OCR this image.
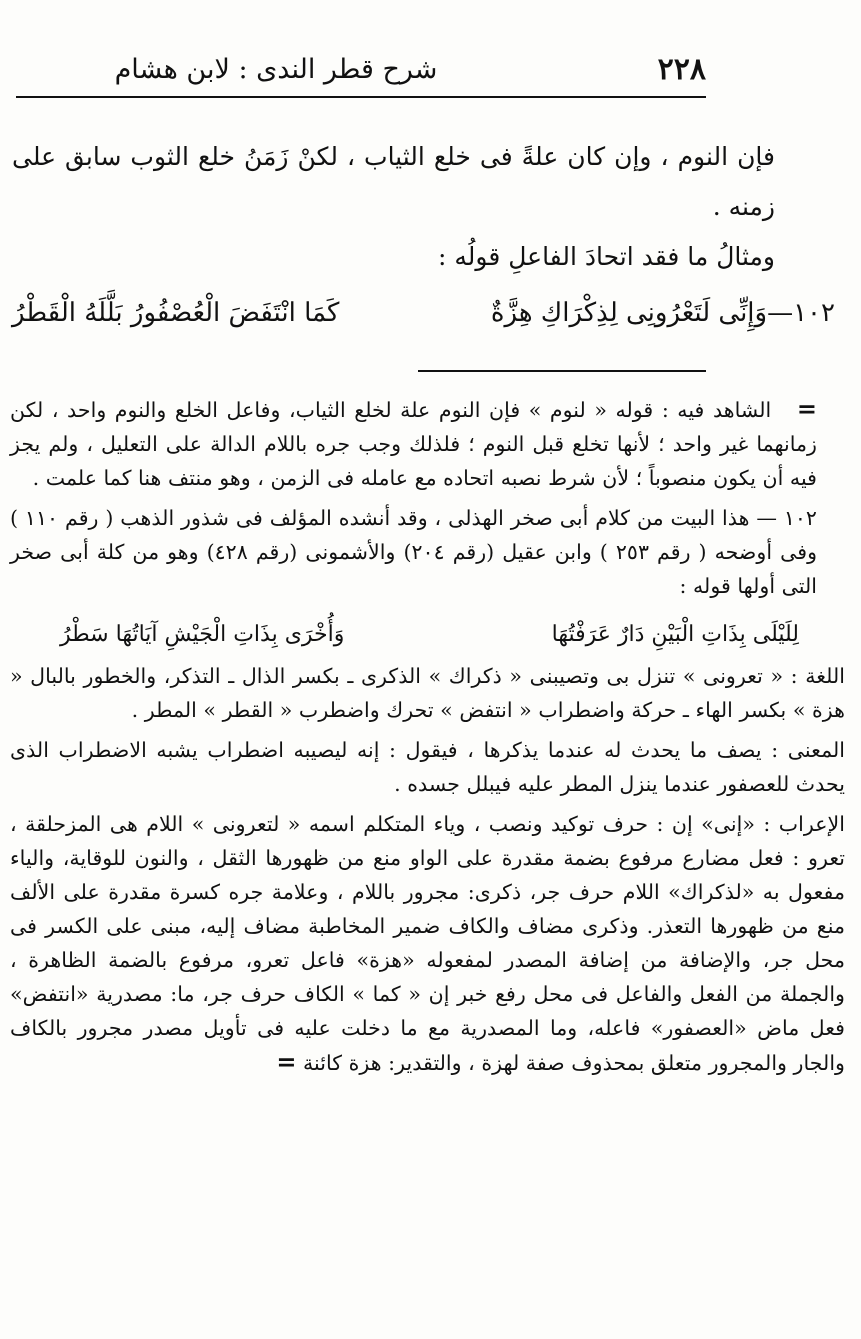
٢٢٨
شرح قطر الندى : لابن هشام

فإن النوم ، وإن كان علةً فى خلع الثياب ، لكنْ زَمَنُ خلع الثوب سابق على زمنه .

ومثالُ ما فقد اتحادَ الفاعلِ قولُه :

١٠٢—وَإِنِّى لَتَعْرُونِى لِذِكْرَاكِ هِزَّةٌ
كَمَا انْتَفَضَ الْعُصْفُورُ بَلَّلَهُ الْقَطْرُ

=   الشاهد فيه : قوله « لنوم » فإن النوم علة لخلع الثياب، وفاعل الخلع والنوم واحد ، لكن زمانهما غير واحد ؛ لأنها تخلع قبل النوم ؛ فلذلك وجب جره باللام الدالة على التعليل ، ولم يجز فيه أن يكون منصوباً ؛ لأن شرط نصبه اتحاده مع عامله فى الزمن ، وهو منتف هنا كما علمت .

١٠٢ — هذا البيت من كلام أبى صخر الهذلى ، وقد أنشده المؤلف فى شذور الذهب ( رقم ١١٠ ) وفى أوضحه ( رقم ٢٥٣ ) وابن عقيل (رقم ٢٠٤) والأشمونى (رقم ٤٢٨) وهو من كلة أبى صخر التى أولها قوله :

لِلَيْلَى بِذَاتِ الْبَيْنِ دَارٌ عَرَفْتُهَا
وَأُخْرَى بِذَاتِ الْجَيْشِ آيَاتُهَا سَطْرُ

اللغة : « تعرونى » تنزل بى وتصيبنى « ذكراك » الذكرى ـ بكسر الذال ـ التذكر، والخطور بالبال « هزة » بكسر الهاء ـ حركة واضطراب « انتفض » تحرك واضطرب « القطر » المطر .

المعنى : يصف ما يحدث له عندما يذكرها ، فيقول : إنه ليصيبه اضطراب يشبه الاضطراب الذى يحدث للعصفور عندما ينزل المطر عليه فيبلل جسده .

الإعراب : «إنى» إن : حرف توكيد ونصب ، وياء المتكلم اسمه « لتعرونى » اللام هى المزحلقة ، تعرو : فعل مضارع مرفوع بضمة مقدرة على الواو منع من ظهورها الثقل ، والنون للوقاية، والياء مفعول به «لذكراك» اللام حرف جر، ذكرى: مجرور باللام ، وعلامة جره كسرة مقدرة على الألف منع من ظهورها التعذر. وذكرى مضاف والكاف ضمير المخاطبة مضاف إليه، مبنى على الكسر فى محل جر، والإضافة من إضافة المصدر لمفعوله «هزة» فاعل تعرو، مرفوع بالضمة الظاهرة ، والجملة من الفعل والفاعل فى محل رفع خبر إن « كما » الكاف حرف جر، ما: مصدرية «انتفض» فعل ماض «العصفور» فاعله، وما المصدرية مع ما دخلت عليه فى تأويل مصدر مجرور بالكاف والجار والمجرور متعلق بمحذوف صفة لهزة ، والتقدير: هزة كائنة =
